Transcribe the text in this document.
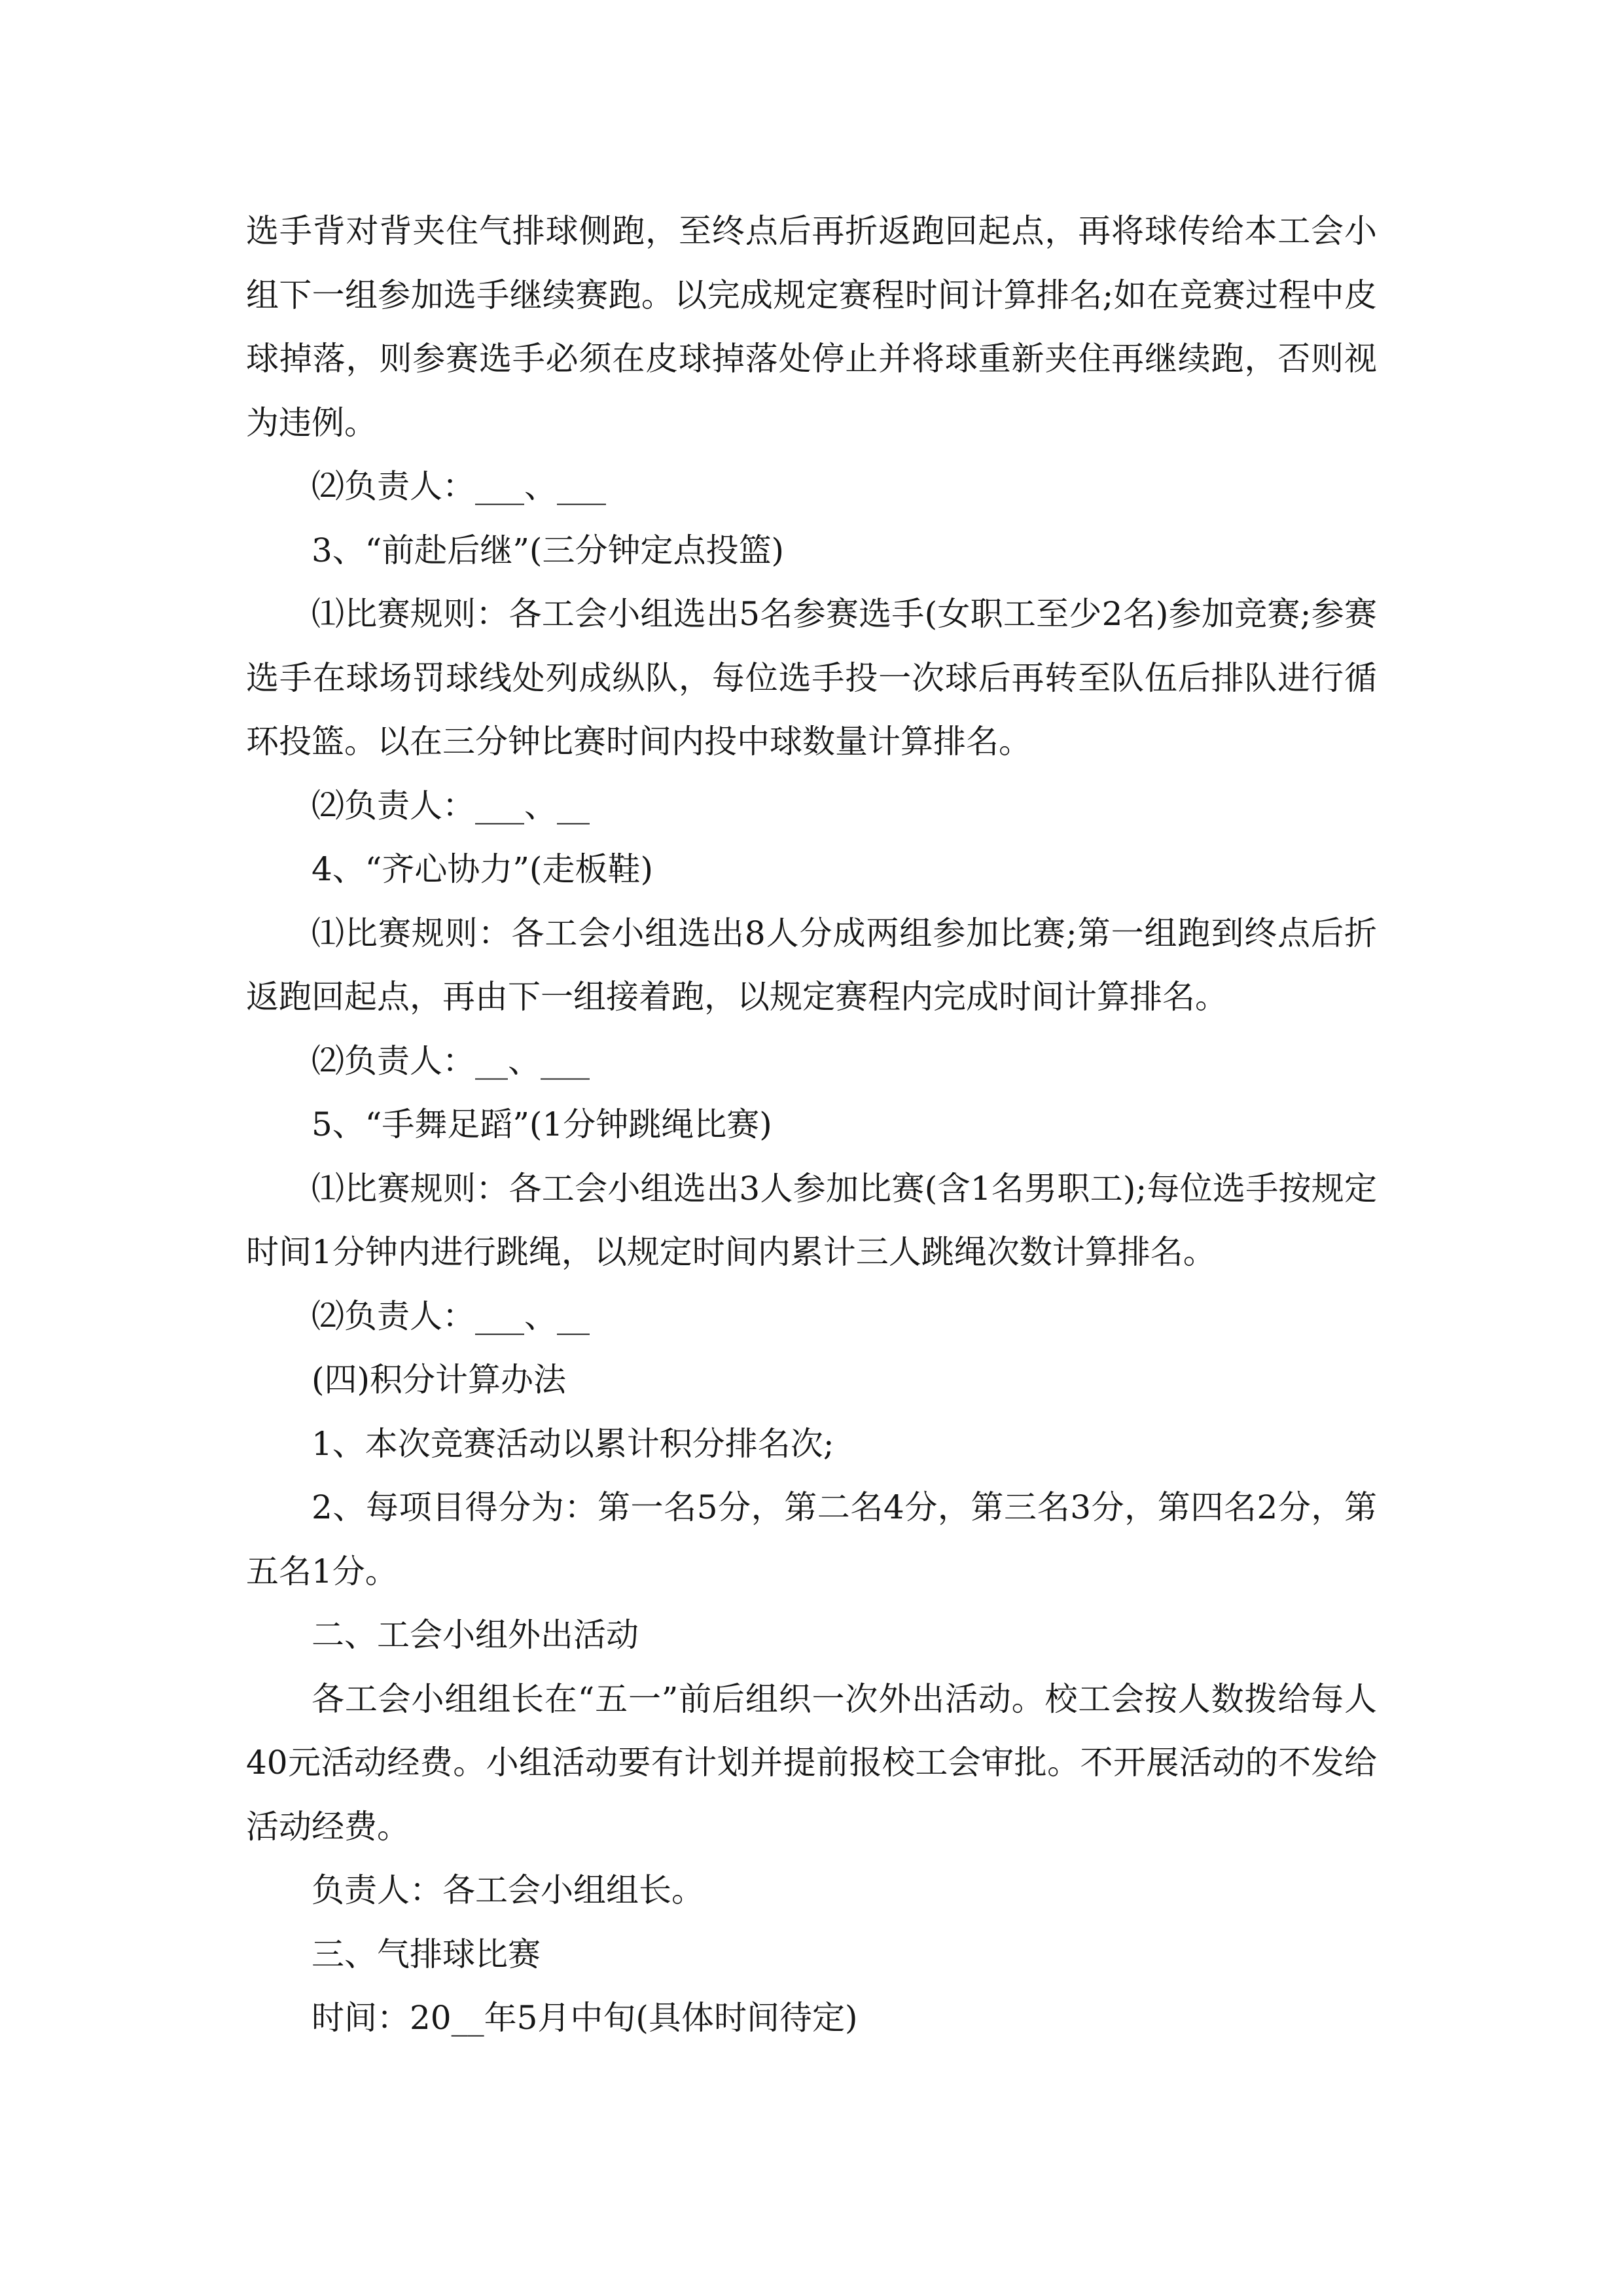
选手背对背夹住气排球侧跑，至终点后再折返跑回起点，再将球传给本工会小组下一组参加选手继续赛跑。以完成规定赛程时间计算排名;如在竞赛过程中皮球掉落，则参赛选手必须在皮球掉落处停止并将球重新夹住再继续跑，否则视为违例。

⑵负责人：___、___

3、“前赴后继”(三分钟定点投篮)

⑴比赛规则：各工会小组选出5名参赛选手(女职工至少2名)参加竞赛;参赛选手在球场罚球线处列成纵队，每位选手投一次球后再转至队伍后排队进行循环投篮。以在三分钟比赛时间内投中球数量计算排名。

⑵负责人：___、__

4、“齐心协力”(走板鞋)

⑴比赛规则：各工会小组选出8人分成两组参加比赛;第一组跑到终点后折返跑回起点，再由下一组接着跑，以规定赛程内完成时间计算排名。

⑵负责人：__、___

5、“手舞足蹈”(1分钟跳绳比赛)

⑴比赛规则：各工会小组选出3人参加比赛(含1名男职工);每位选手按规定时间1分钟内进行跳绳，以规定时间内累计三人跳绳次数计算排名。

⑵负责人：___、__

(四)积分计算办法

1、本次竞赛活动以累计积分排名次;

2、每项目得分为：第一名5分，第二名4分，第三名3分，第四名2分，第五名1分。

二、工会小组外出活动

各工会小组组长在“五一”前后组织一次外出活动。校工会按人数拨给每人40元活动经费。小组活动要有计划并提前报校工会审批。不开展活动的不发给活动经费。

负责人：各工会小组组长。

三、气排球比赛

时间：20__年5月中旬(具体时间待定)
